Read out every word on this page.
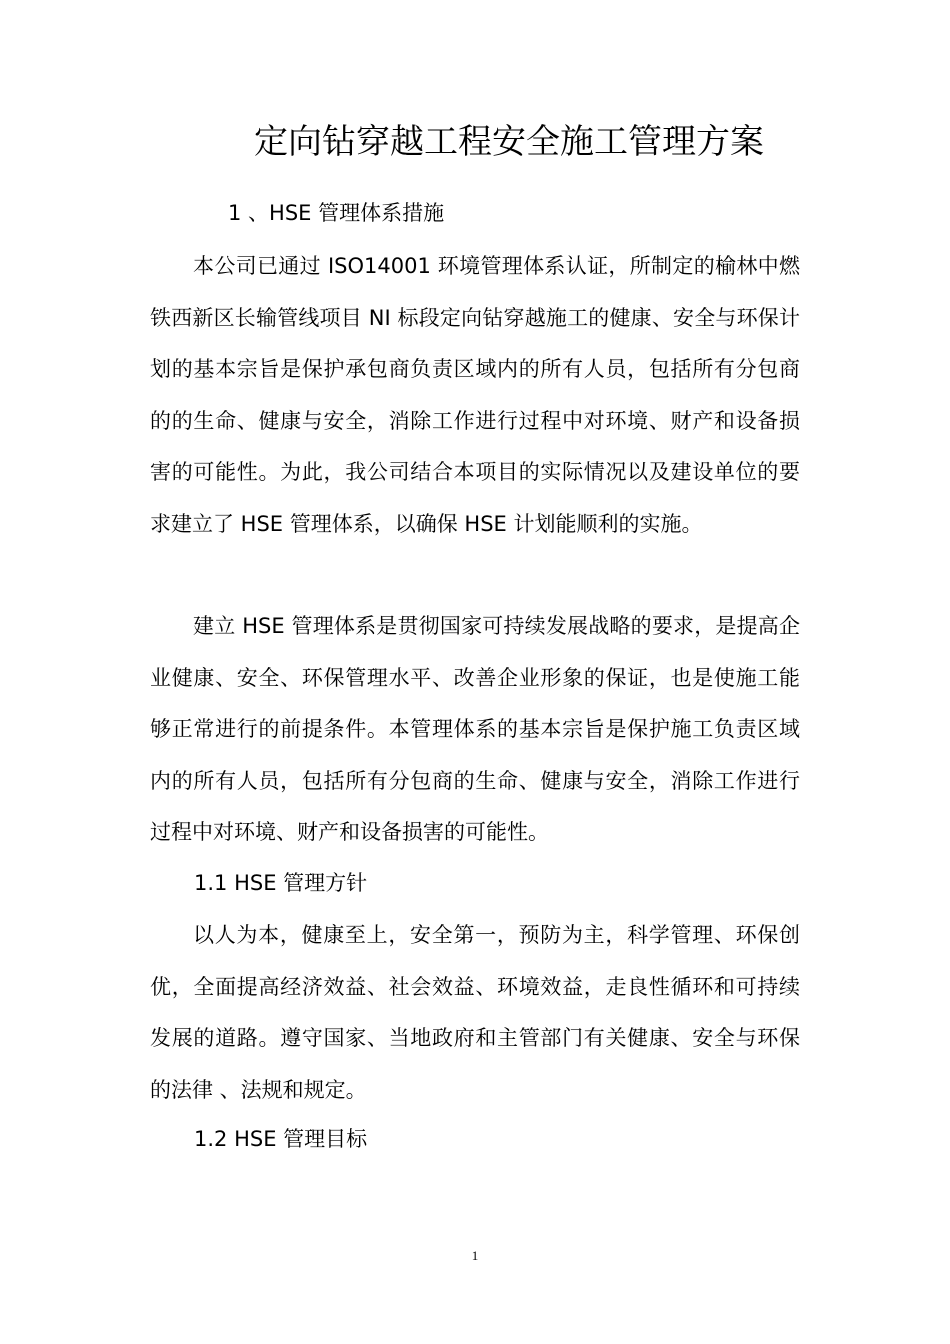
定向钻穿越工程安全施工管理方案

1 、HSE 管理体系措施

本公司已通过 ISO14001 环境管理体系认证，所制定的榆林中燃铁西新区长输管线项目 NI 标段定向钻穿越施工的健康、安全与环保计划的基本宗旨是保护承包商负责区域内的所有人员，包括所有分包商的的生命、健康与安全，消除工作进行过程中对环境、财产和设备损害的可能性。为此，我公司结合本项目的实际情况以及建设单位的要求建立了 HSE 管理体系，以确保 HSE 计划能顺利的实施。

建立 HSE 管理体系是贯彻国家可持续发展战略的要求，是提高企业健康、安全、环保管理水平、改善企业形象的保证，也是使施工能够正常进行的前提条件。本管理体系的基本宗旨是保护施工负责区域内的所有人员，包括所有分包商的生命、健康与安全，消除工作进行过程中对环境、财产和设备损害的可能性。

1.1 HSE 管理方针

以人为本，健康至上，安全第一，预防为主，科学管理、环保创优，全面提高经济效益、社会效益、环境效益，走良性循环和可持续发展的道路。遵守国家、当地政府和主管部门有关健康、安全与环保的法律 、法规和规定。

1.2 HSE 管理目标

1
